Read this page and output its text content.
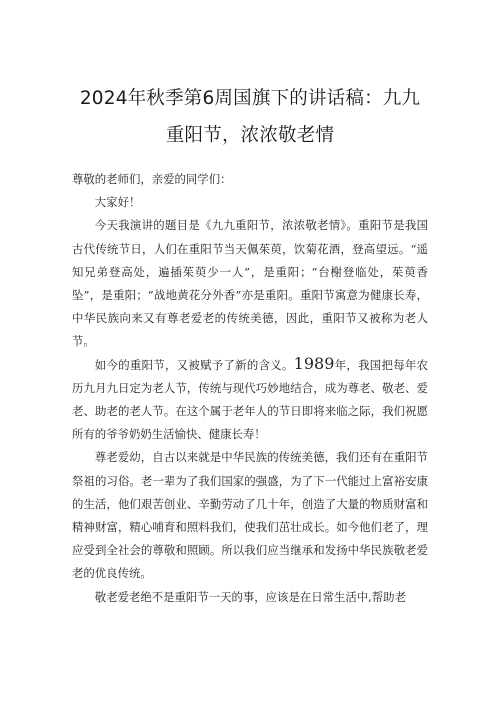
2024年秋季第6周国旗下的讲话稿：九九
重阳节，浓浓敬老情

尊敬的老师们，亲爱的同学们：

大家好！

今天我演讲的题目是《九九重阳节，浓浓敬老情》。重阳节是我国古代传统节日，人们在重阳节当天佩茱萸，饮菊花酒，登高望远。“遥知兄弟登高处，遍插茱萸少一人”，是重阳；“台榭登临处，茱萸香坠”，是重阳；“战地黄花分外香”亦是重阳。重阳节寓意为健康长寿，中华民族向来又有尊老爱老的传统美德，因此，重阳节又被称为老人节。

如今的重阳节，又被赋予了新的含义。1989年，我国把每年农历九月九日定为老人节，传统与现代巧妙地结合，成为尊老、敬老、爱老、助老的老人节。在这个属于老年人的节日即将来临之际，我们祝愿所有的爷爷奶奶生活愉快、健康长寿！

尊老爱幼，自古以来就是中华民族的传统美德，我们还有在重阳节祭祖的习俗。老一辈为了我们国家的强盛，为了下一代能过上富裕安康的生活，他们艰苦创业、辛勤劳动了几十年，创造了大量的物质财富和精神财富，精心哺育和照料我们，使我们茁壮成长。如今他们老了，理应受到全社会的尊敬和照顾。所以我们应当继承和发扬中华民族敬老爱老的优良传统。

敬老爱老绝不是重阳节一天的事，应该是在日常生活中,帮助老
